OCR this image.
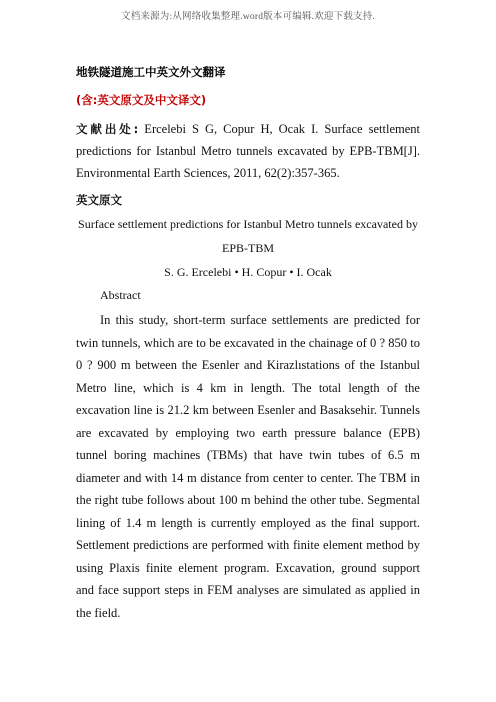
文档来源为:从网络收集整理.word版本可编辑.欢迎下载支持.

地铁隧道施工中英文外文翻译

(含:英文原文及中文译文)

文献出处: Ercelebi S G, Copur H, Ocak I. Surface settlement predictions for Istanbul Metro tunnels excavated by EPB-TBM[J]. Environmental Earth Sciences, 2011, 62(2):357-365.

英文原文

Surface settlement predictions for Istanbul Metro tunnels excavated by

EPB-TBM

S. G. Ercelebi • H. Copur • I. Ocak

Abstract

In this study, short-term surface settlements are predicted for twin tunnels, which are to be excavated in the chainage of 0 ? 850 to 0 ? 900 m between the Esenler and Kirazlıstations of the Istanbul Metro line, which is 4 km in length. The total length of the excavation line is 21.2 km between Esenler and Basaksehir. Tunnels are excavated by employing two earth pressure balance (EPB) tunnel boring machines (TBMs) that have twin tubes of 6.5 m diameter and with 14 m distance from center to center. The TBM in the right tube follows about 100 m behind the other tube. Segmental lining of 1.4 m length is currently employed as the final support. Settlement predictions are performed with finite element method by using Plaxis finite element program. Excavation, ground support and face support steps in FEM analyses are simulated as applied in the field.
